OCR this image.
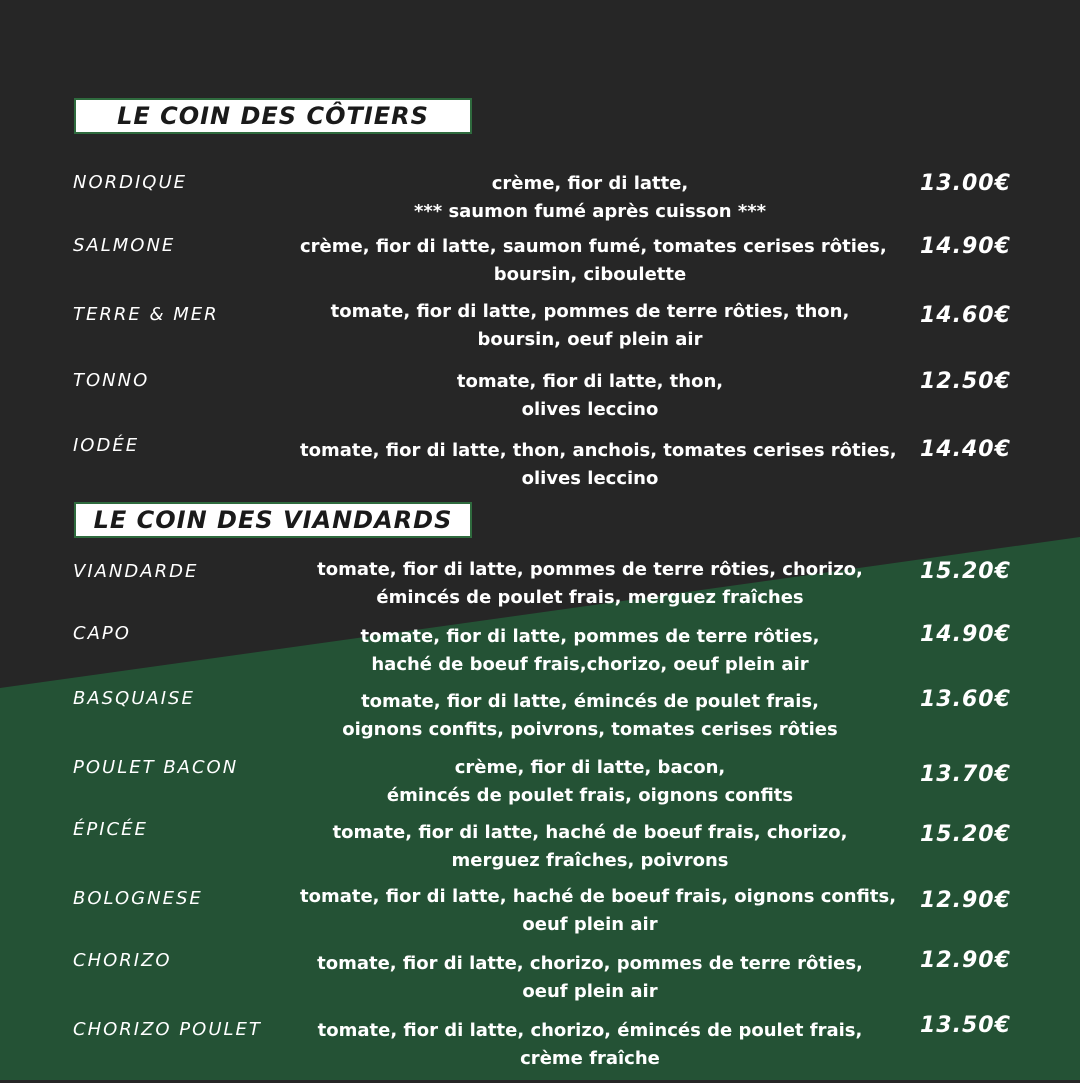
LE COIN DES CÔTIERS
NORDIQUE	crème, fior di latte,
*** saumon fumé après cuisson ***
13.00€
SALMONE	crème, fior di latte, saumon fumé, tomates cerises rôties,
boursin, ciboulette
14.90€
TERRE & MER	tomate, fior di latte, pommes de terre rôties, thon,
boursin, oeuf plein air
14.60€
TONNO	tomate, fior di latte, thon,
olives leccino
12.50€
IODÉE	tomate, fior di latte, thon, anchois, tomates cerises rôties,
olives leccino
14.40€
LE COIN DES VIANDARDS
VIANDARDE	tomate, fior di latte, pommes de terre rôties, chorizo,
émincés de poulet frais, merguez fraîches
15.20€
CAPO	tomate, fior di latte, pommes de terre rôties,
haché de boeuf frais,chorizo, oeuf plein air
14.90€
BASQUAISE	tomate, fior di latte, émincés de poulet frais,
oignons confits, poivrons, tomates cerises rôties
13.60€
POULET BACON	crème, fior di latte, bacon,
émincés de poulet frais, oignons confits
13.70€
ÉPICÉE	tomate, fior di latte, haché de boeuf frais, chorizo,
merguez fraîches, poivrons
15.20€
BOLOGNESE	tomate, fior di latte, haché de boeuf frais, oignons confits,
oeuf plein air
12.90€
CHORIZO	tomate, fior di latte, chorizo, pommes de terre rôties,
oeuf plein air
12.90€
CHORIZO POULET	tomate, fior di latte, chorizo, émincés de poulet frais,
crème fraîche
13.50€
